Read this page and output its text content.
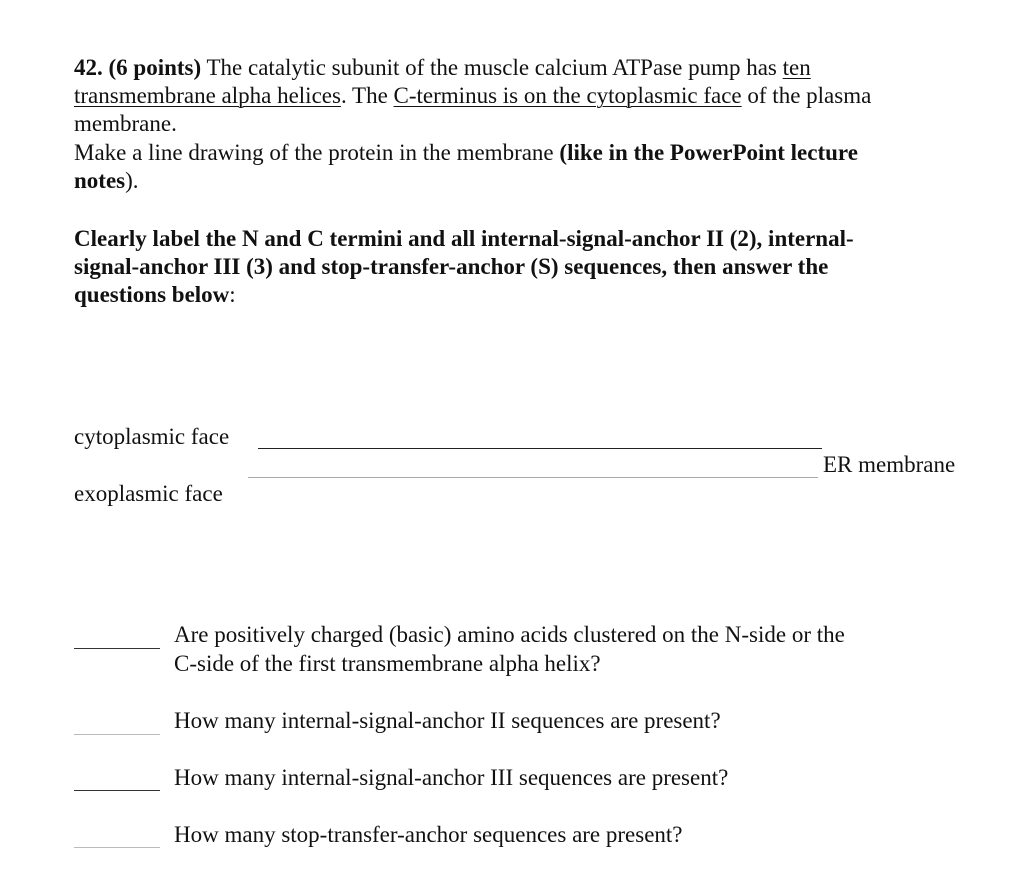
42. (6 points) The catalytic subunit of the muscle calcium ATPase pump has ten
transmembrane alpha helices. The C-terminus is on the cytoplasmic face of the plasma
membrane.
Make a line drawing of the protein in the membrane (like in the PowerPoint lecture
notes).
Clearly label the N and C termini and all internal-signal-anchor II (2), internal-
signal-anchor III (3) and stop-transfer-anchor (S) sequences, then answer the
questions below:
cytoplasmic face
ER membrane
exoplasmic face
Are positively charged (basic) amino acids clustered on the N-side or the
C-side of the first transmembrane alpha helix?
How many internal-signal-anchor II sequences are present?
How many internal-signal-anchor III sequences are present?
How many stop-transfer-anchor sequences are present?
